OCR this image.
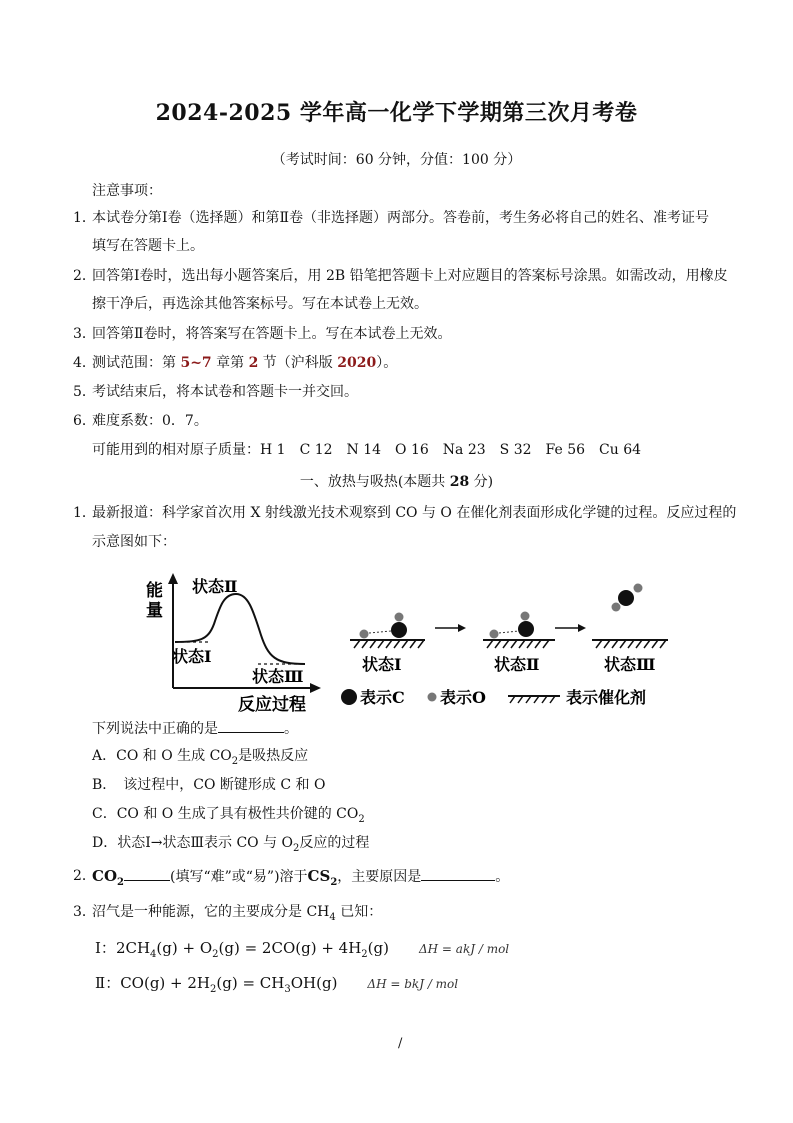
2024-2025 学年高一化学下学期第三次月考卷
（考试时间：60 分钟，分值：100 分）
注意事项：
1．
本试卷分第Ⅰ卷（选择题）和第Ⅱ卷（非选择题）两部分。答卷前，考生务必将自己的姓名、准考证号
填写在答题卡上。
2．
回答第Ⅰ卷时，选出每小题答案后，用 2B 铅笔把答题卡上对应题目的答案标号涂黑。如需改动，用橡皮
擦干净后，再选涂其他答案标号。写在本试卷上无效。
3．
回答第Ⅱ卷时，将答案写在答题卡上。写在本试卷上无效。
4．
测试范围：第 5~7 章第 2 节（沪科版 2020）。
5．
考试结束后，将本试卷和答题卡一并交回。
6．
难度系数：0．7。
可能用到的相对原子质量：H 1　C 12　N 14　O 16　Na 23　S 32　Fe 56　Cu 64
一、放热与吸热(本题共 28 分)
1．
最新报道：科学家首次用 X 射线激光技术观察到 CO 与 O 在催化剂表面形成化学键的过程。反应过程的
示意图如下：
能
量
反应过程
状态Ⅱ
状态Ⅰ
状态Ⅲ
状态Ⅰ	状态Ⅱ	状态Ⅲ
表示C 表示O	表示催化剂
下列说法中正确的是	。
A．CO 和 O 生成 $CO_2$是吸热反应
B．　该过程中，CO 断键形成 C 和 O
C．CO 和 O 生成了具有极性共价键的 $CO_2$
D．状态Ⅰ→状态Ⅲ表示 CO 与 $O_2$反应的过程
2．
$CO_2$	(填写“难”或“易”)溶于$CS_2$，主要原因是	。
3．
沼气是一种能源，它的主要成分是 $CH_4$ 已知：
Ⅰ：$2CH_4(g) + O_2(g) = 2CO(g) + 4H_2(g)$	ΔH = akJ / mol
Ⅱ：$CO(g) + 2H_2(g) = CH_3OH(g)$	ΔH = bkJ / mol
/
